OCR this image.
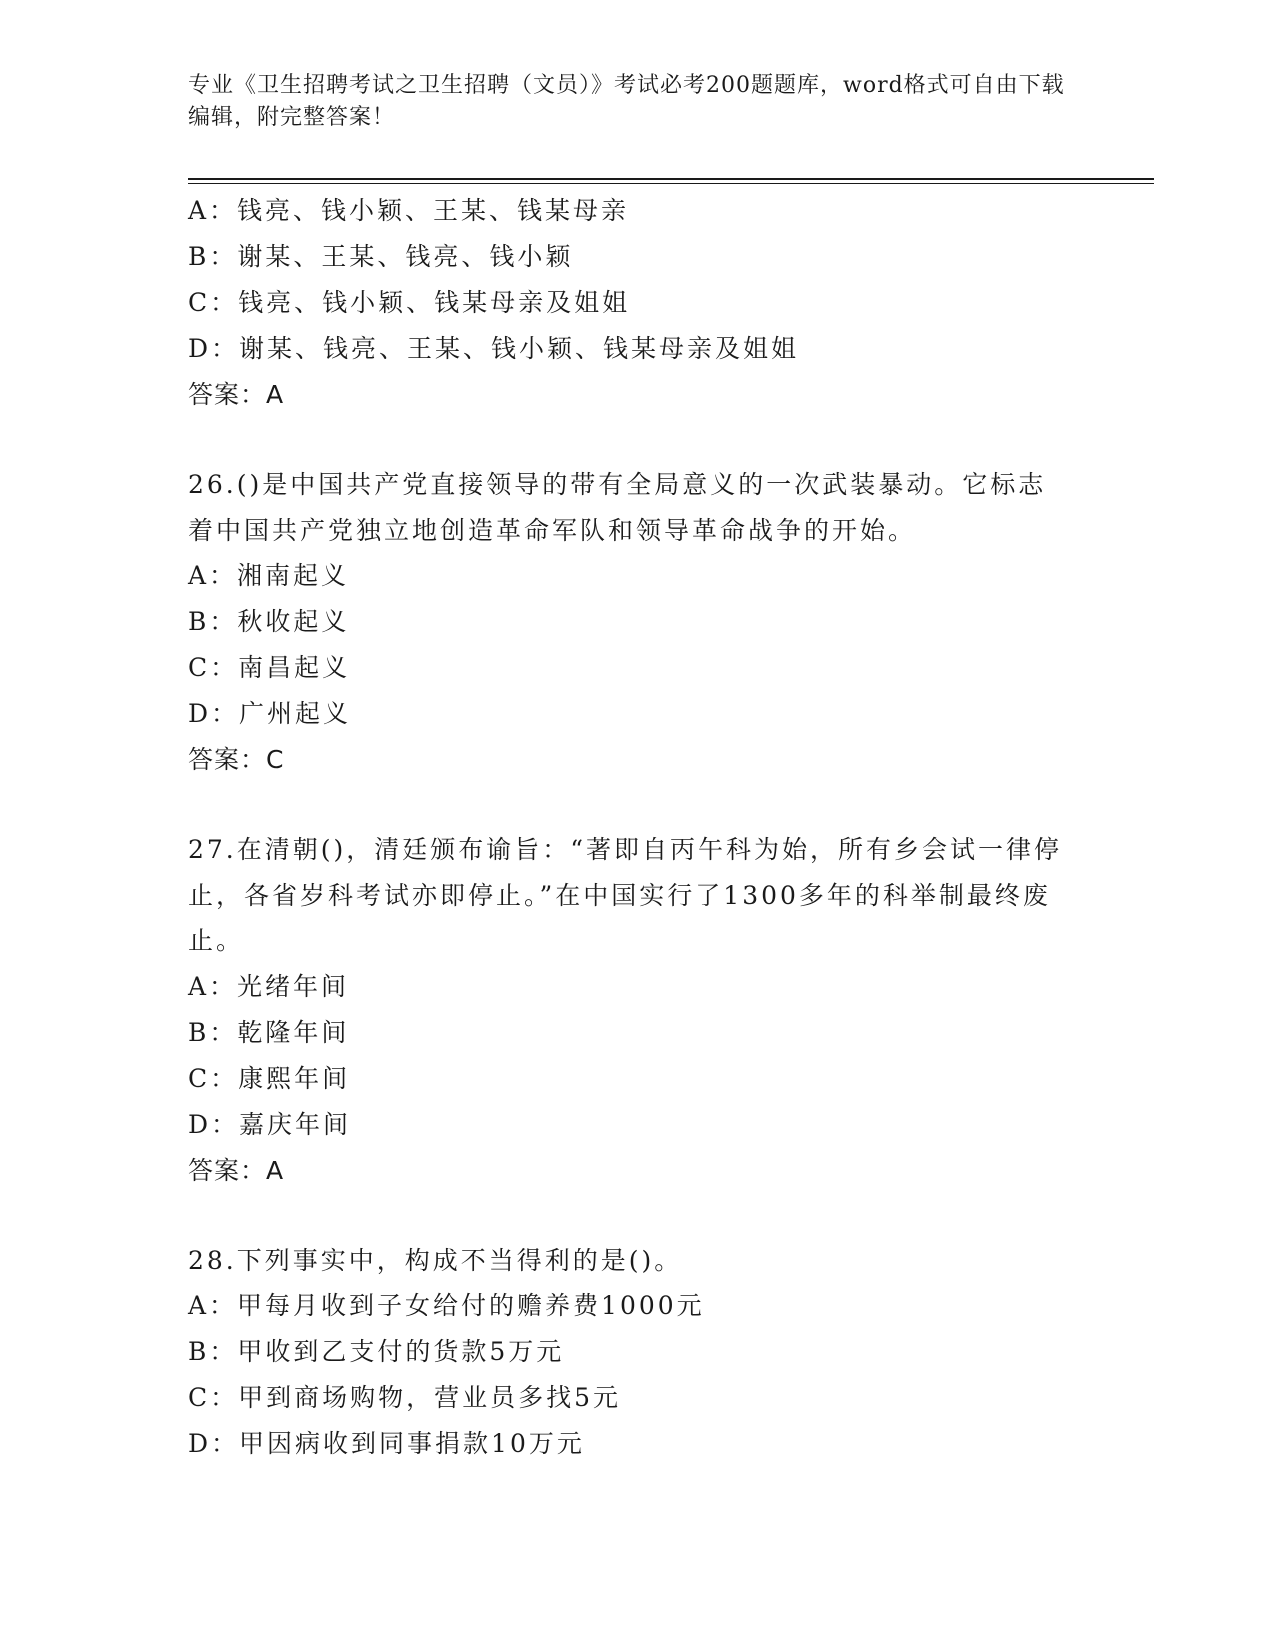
专业《卫生招聘考试之卫生招聘（文员）》考试必考200题题库，word格式可自由下载编辑，附完整答案！
A：钱亮、钱小颖、王某、钱某母亲
B：谢某、王某、钱亮、钱小颖
C：钱亮、钱小颖、钱某母亲及姐姐
D：谢某、钱亮、王某、钱小颖、钱某母亲及姐姐
答案：A
26.()是中国共产党直接领导的带有全局意义的一次武装暴动。它标志着中国共产党独立地创造革命军队和领导革命战争的开始。
A：湘南起义
B：秋收起义
C：南昌起义
D：广州起义
答案：C
27.在清朝()，清廷颁布谕旨：“著即自丙午科为始，所有乡会试一律停止，各省岁科考试亦即停止。”在中国实行了1300多年的科举制最终废止。
A：光绪年间
B：乾隆年间
C：康熙年间
D：嘉庆年间
答案：A
28.下列事实中，构成不当得利的是()。
A：甲每月收到子女给付的赡养费1000元
B：甲收到乙支付的货款5万元
C：甲到商场购物，营业员多找5元
D：甲因病收到同事捐款10万元
